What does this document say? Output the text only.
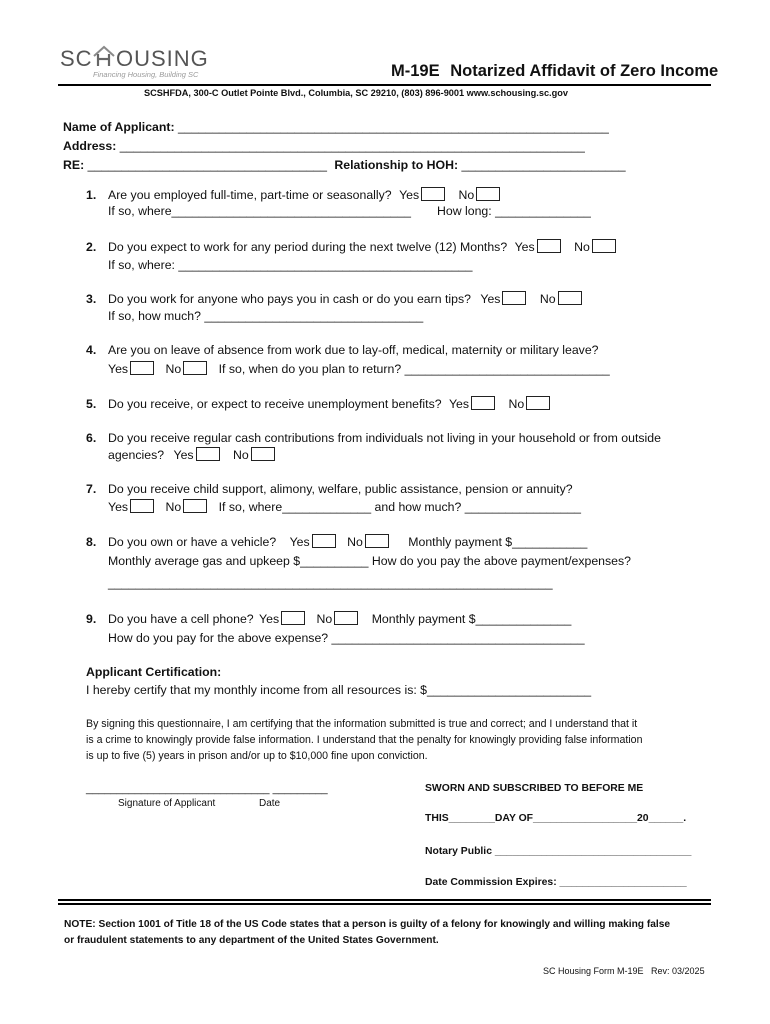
SC OUSING
Financing Housing, Building SC	M-19E Notarized Affidavit of Zero Income
SCSHFDA, 300-C Outlet Pointe Blvd., Columbia, SC 29210, (803) 896-9001 www.schousing.sc.gov
Name of Applicant: _______________________________________________________________
Address: ____________________________________________________________________
RE: ___________________________________ Relationship to HOH: ________________________
1. Are you employed full-time, part-time or seasonally? Yes	No
If so, where___________________________________ How long: ______________
2. Do you expect to work for any period during the next twelve (12) Months? Yes	No
If so, where: ___________________________________________
3. Do you work for anyone who pays you in cash or do you earn tips? Yes	No
If so, how much? ________________________________
4. Are you on leave of absence from work due to lay-off, medical, maternity or military leave?
Yes	No	If so, when do you plan to return? ______________________________
5. Do you receive, or expect to receive unemployment benefits? Yes	No
6. Do you receive regular cash contributions from individuals not living in your household or from outside
agencies? Yes	No
7. Do you receive child support, alimony, welfare, public assistance, pension or annuity?
Yes	No	If so, where_____________ and how much? _________________
8. Do you own or have a vehicle? Yes	No	Monthly payment $___________
Monthly average gas and upkeep $__________ How do you pay the above payment/expenses?
_________________________________________________________________
9. Do you have a cell phone? Yes	No	Monthly payment $______________
How do you pay for the above expense? _____________________________________
Applicant Certification:
I hereby certify that my monthly income from all resources is: $________________________
By signing this questionnaire, I am certifying that the information submitted is true and correct; and I understand that it
is a crime to knowingly provide false information. I understand that the penalty for knowingly providing false information
is up to five (5) years in prison and/or up to $10,000 fine upon conviction.
______________________________ _________
Signature of Applicant	Date
SWORN AND SUBSCRIBED TO BEFORE ME
THIS________DAY OF__________________20______.
Notary Public __________________________________
Date Commission Expires: ______________________
NOTE: Section 1001 of Title 18 of the US Code states that a person is guilty of a felony for knowingly and willing making false
or fraudulent statements to any department of the United States Government.
SC Housing Form M-19E   Rev: 03/2025
